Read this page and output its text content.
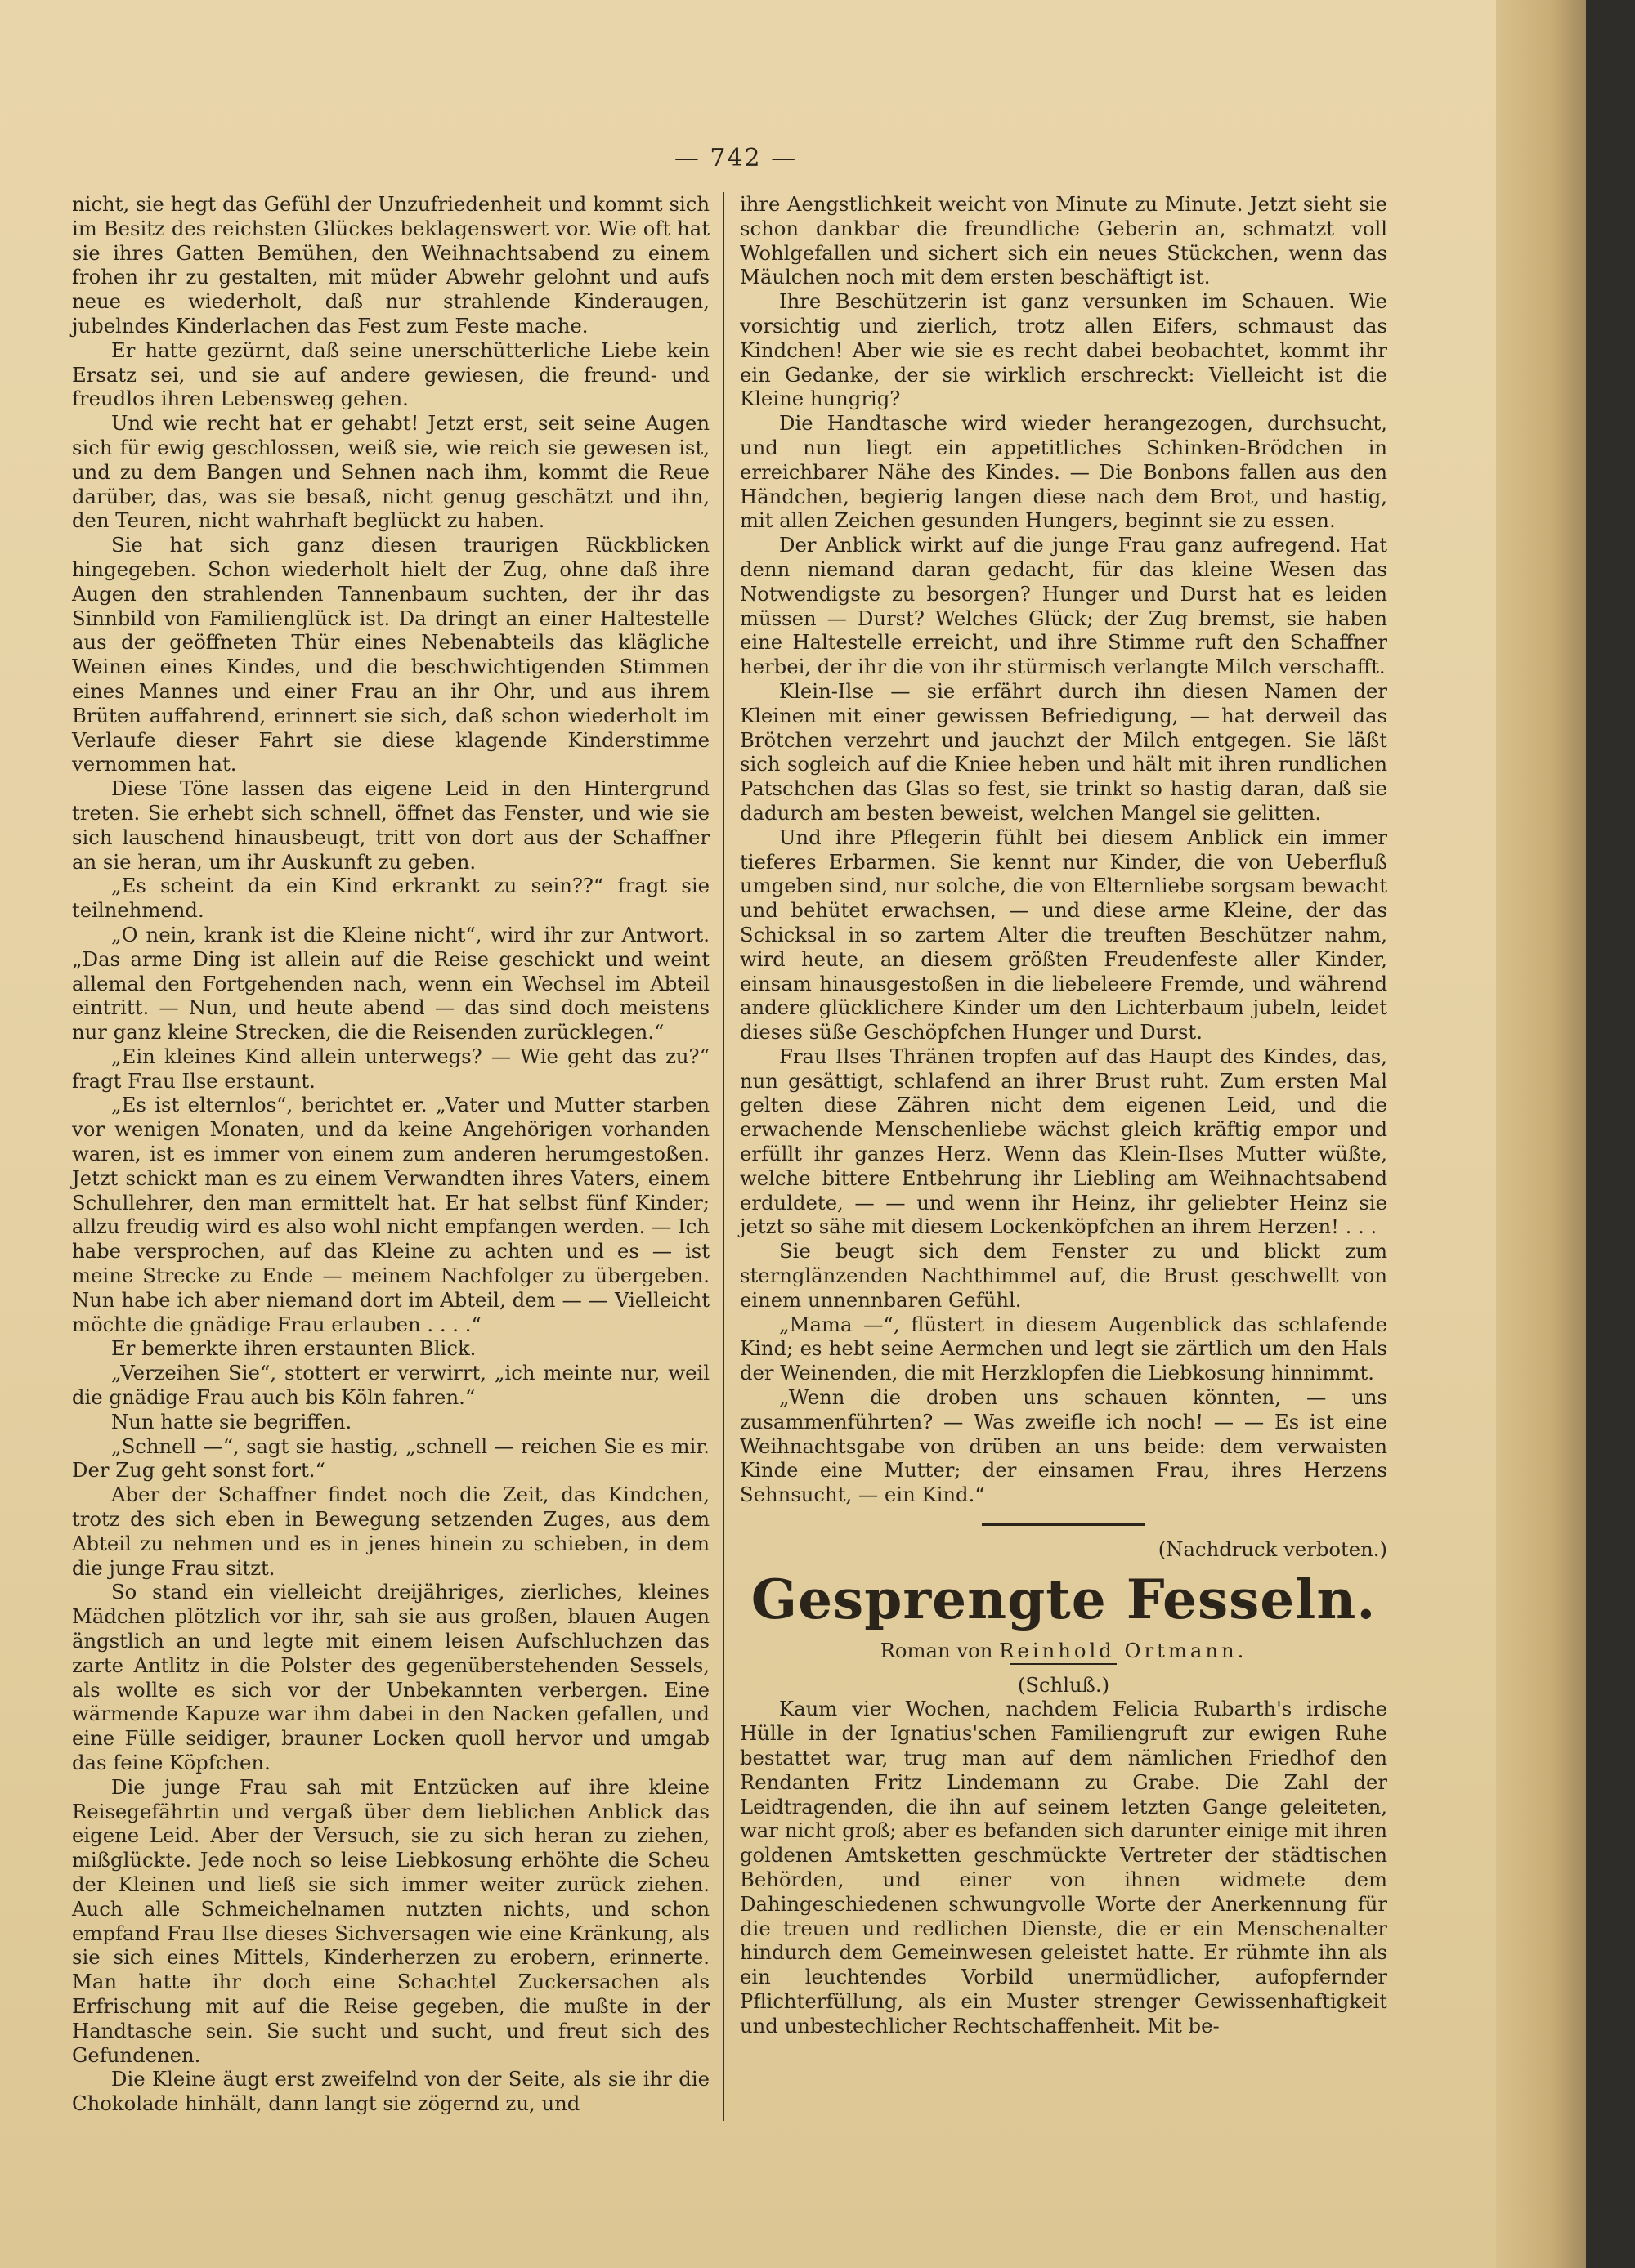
— 742 —

nicht, sie hegt das Gefühl der Unzufriedenheit und kommt sich im Besitz des reichsten Glückes beklagenswert vor. Wie oft hat sie ihres Gatten Bemühen, den Weihnachtsabend zu einem frohen ihr zu gestalten, mit müder Abwehr gelohnt und aufs neue es wiederholt, daß nur strahlende Kinderaugen, jubelndes Kinderlachen das Fest zum Feste mache.

Er hatte gezürnt, daß seine unerschütterliche Liebe kein Ersatz sei, und sie auf andere gewiesen, die freund- und freudlos ihren Lebensweg gehen.

Und wie recht hat er gehabt! Jetzt erst, seit seine Augen sich für ewig geschlossen, weiß sie, wie reich sie gewesen ist, und zu dem Bangen und Sehnen nach ihm, kommt die Reue darüber, das, was sie besaß, nicht genug geschätzt und ihn, den Teuren, nicht wahrhaft beglückt zu haben.

Sie hat sich ganz diesen traurigen Rückblicken hingegeben. Schon wiederholt hielt der Zug, ohne daß ihre Augen den strahlenden Tannenbaum suchten, der ihr das Sinnbild von Familienglück ist. Da dringt an einer Haltestelle aus der geöffneten Thür eines Nebenabteils das klägliche Weinen eines Kindes, und die beschwichtigenden Stimmen eines Mannes und einer Frau an ihr Ohr, und aus ihrem Brüten auffahrend, erinnert sie sich, daß schon wiederholt im Verlaufe dieser Fahrt sie diese klagende Kinderstimme vernommen hat.

Diese Töne lassen das eigene Leid in den Hintergrund treten. Sie erhebt sich schnell, öffnet das Fenster, und wie sie sich lauschend hinausbeugt, tritt von dort aus der Schaffner an sie heran, um ihr Auskunft zu geben.

„Es scheint da ein Kind erkrankt zu sein??“ fragt sie teilnehmend.

„O nein, krank ist die Kleine nicht“, wird ihr zur Antwort. „Das arme Ding ist allein auf die Reise geschickt und weint allemal den Fortgehenden nach, wenn ein Wechsel im Abteil eintritt. — Nun, und heute abend — das sind doch meistens nur ganz kleine Strecken, die die Reisenden zurücklegen.“

„Ein kleines Kind allein unterwegs? — Wie geht das zu?“ fragt Frau Ilse erstaunt.

„Es ist elternlos“, berichtet er. „Vater und Mutter starben vor wenigen Monaten, und da keine Angehörigen vorhanden waren, ist es immer von einem zum anderen herumgestoßen. Jetzt schickt man es zu einem Verwandten ihres Vaters, einem Schullehrer, den man ermittelt hat. Er hat selbst fünf Kinder; allzu freudig wird es also wohl nicht empfangen werden. — Ich habe versprochen, auf das Kleine zu achten und es — ist meine Strecke zu Ende — meinem Nachfolger zu übergeben. Nun habe ich aber niemand dort im Abteil, dem — — Vielleicht möchte die gnädige Frau erlauben . . . .“

Er bemerkte ihren erstaunten Blick.

„Verzeihen Sie“, stottert er verwirrt, „ich meinte nur, weil die gnädige Frau auch bis Köln fahren.“

Nun hatte sie begriffen.

„Schnell —“, sagt sie hastig, „schnell — reichen Sie es mir. Der Zug geht sonst fort.“

Aber der Schaffner findet noch die Zeit, das Kindchen, trotz des sich eben in Bewegung setzenden Zuges, aus dem Abteil zu nehmen und es in jenes hinein zu schieben, in dem die junge Frau sitzt.

So stand ein vielleicht dreijähriges, zierliches, kleines Mädchen plötzlich vor ihr, sah sie aus großen, blauen Augen ängstlich an und legte mit einem leisen Aufschluchzen das zarte Antlitz in die Polster des gegenüberstehenden Sessels, als wollte es sich vor der Unbekannten verbergen. Eine wärmende Kapuze war ihm dabei in den Nacken gefallen, und eine Fülle seidiger, brauner Locken quoll hervor und umgab das feine Köpfchen.

Die junge Frau sah mit Entzücken auf ihre kleine Reisegefährtin und vergaß über dem lieblichen Anblick das eigene Leid. Aber der Versuch, sie zu sich heran zu ziehen, mißglückte. Jede noch so leise Liebkosung erhöhte die Scheu der Kleinen und ließ sie sich immer weiter zurück ziehen. Auch alle Schmeichelnamen nutzten nichts, und schon empfand Frau Ilse dieses Sichversagen wie eine Kränkung, als sie sich eines Mittels, Kinderherzen zu erobern, erinnerte. Man hatte ihr doch eine Schachtel Zuckersachen als Erfrischung mit auf die Reise gegeben, die mußte in der Handtasche sein. Sie sucht und sucht, und freut sich des Gefundenen.

Die Kleine äugt erst zweifelnd von der Seite, als sie ihr die Chokolade hinhält, dann langt sie zögernd zu, und

ihre Aengstlichkeit weicht von Minute zu Minute. Jetzt sieht sie schon dankbar die freundliche Geberin an, schmatzt voll Wohlgefallen und sichert sich ein neues Stückchen, wenn das Mäulchen noch mit dem ersten beschäftigt ist.

Ihre Beschützerin ist ganz versunken im Schauen. Wie vorsichtig und zierlich, trotz allen Eifers, schmaust das Kindchen! Aber wie sie es recht dabei beobachtet, kommt ihr ein Gedanke, der sie wirklich erschreckt: Vielleicht ist die Kleine hungrig?

Die Handtasche wird wieder herangezogen, durchsucht, und nun liegt ein appetitliches Schinken-Brödchen in erreichbarer Nähe des Kindes. — Die Bonbons fallen aus den Händchen, begierig langen diese nach dem Brot, und hastig, mit allen Zeichen gesunden Hungers, beginnt sie zu essen.

Der Anblick wirkt auf die junge Frau ganz aufregend. Hat denn niemand daran gedacht, für das kleine Wesen das Notwendigste zu besorgen? Hunger und Durst hat es leiden müssen — Durst? Welches Glück; der Zug bremst, sie haben eine Haltestelle erreicht, und ihre Stimme ruft den Schaffner herbei, der ihr die von ihr stürmisch verlangte Milch verschafft.

Klein-Ilse — sie erfährt durch ihn diesen Namen der Kleinen mit einer gewissen Befriedigung, — hat derweil das Brötchen verzehrt und jauchzt der Milch entgegen. Sie läßt sich sogleich auf die Kniee heben und hält mit ihren rundlichen Patschchen das Glas so fest, sie trinkt so hastig daran, daß sie dadurch am besten beweist, welchen Mangel sie gelitten.

Und ihre Pflegerin fühlt bei diesem Anblick ein immer tieferes Erbarmen. Sie kennt nur Kinder, die von Ueberfluß umgeben sind, nur solche, die von Elternliebe sorgsam bewacht und behütet erwachsen, — und diese arme Kleine, der das Schicksal in so zartem Alter die treuften Beschützer nahm, wird heute, an diesem größten Freudenfeste aller Kinder, einsam hinausgestoßen in die liebeleere Fremde, und während andere glücklichere Kinder um den Lichterbaum jubeln, leidet dieses süße Geschöpfchen Hunger und Durst.

Frau Ilses Thränen tropfen auf das Haupt des Kindes, das, nun gesättigt, schlafend an ihrer Brust ruht. Zum ersten Mal gelten diese Zähren nicht dem eigenen Leid, und die erwachende Menschenliebe wächst gleich kräftig empor und erfüllt ihr ganzes Herz. Wenn das Klein-Ilses Mutter wüßte, welche bittere Entbehrung ihr Liebling am Weihnachtsabend erduldete, — — und wenn ihr Heinz, ihr geliebter Heinz sie jetzt so sähe mit diesem Lockenköpfchen an ihrem Herzen! . . .

Sie beugt sich dem Fenster zu und blickt zum sternglänzenden Nachthimmel auf, die Brust geschwellt von einem unnennbaren Gefühl.

„Mama —“, flüstert in diesem Augenblick das schlafende Kind; es hebt seine Aermchen und legt sie zärtlich um den Hals der Weinenden, die mit Herzklopfen die Liebkosung hinnimmt.

„Wenn die droben uns schauen könnten, — uns zusammenführten? — Was zweifle ich noch! — — Es ist eine Weihnachtsgabe von drüben an uns beide: dem verwaisten Kinde eine Mutter; der einsamen Frau, ihres Herzens Sehnsucht, — ein Kind.“

(Nachdruck verboten.)

Gesprengte Fesseln.

Roman von Reinhold Ortmann.

(Schluß.)

Kaum vier Wochen, nachdem Felicia Rubarth's irdische Hülle in der Ignatius'schen Familiengruft zur ewigen Ruhe bestattet war, trug man auf dem nämlichen Friedhof den Rendanten Fritz Lindemann zu Grabe. Die Zahl der Leidtragenden, die ihn auf seinem letzten Gange geleiteten, war nicht groß; aber es befanden sich darunter einige mit ihren goldenen Amtsketten geschmückte Vertreter der städtischen Behörden, und einer von ihnen widmete dem Dahingeschiedenen schwungvolle Worte der Anerkennung für die treuen und redlichen Dienste, die er ein Menschenalter hindurch dem Gemeinwesen geleistet hatte. Er rühmte ihn als ein leuchtendes Vorbild unermüdlicher, aufopfernder Pflichterfüllung, als ein Muster strenger Gewissenhaftigkeit und unbestechlicher Rechtschaffenheit. Mit be-
